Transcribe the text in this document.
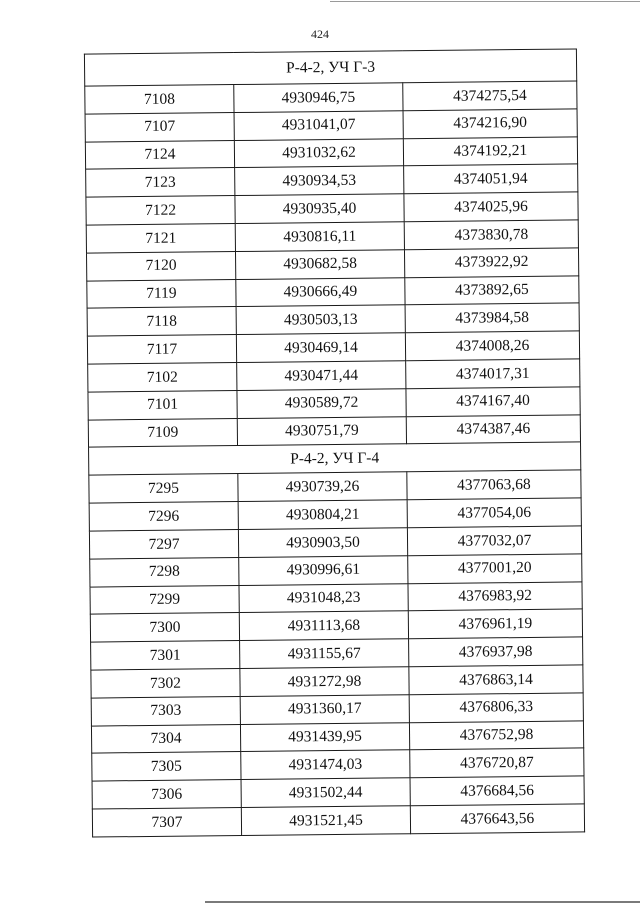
424
Р-4-2, УЧ Г-3		
7108	4930946,75	4374275,54
7107	4931041,07	4374216,90
7124	4931032,62	4374192,21
7123	4930934,53	4374051,94
7122	4930935,40	4374025,96
7121	4930816,11	4373830,78
7120	4930682,58	4373922,92
7119	4930666,49	4373892,65
7118	4930503,13	4373984,58
7117	4930469,14	4374008,26
7102	4930471,44	4374017,31
7101	4930589,72	4374167,40
7109	4930751,79	4374387,46
Р-4-2, УЧ Г-4		
7295	4930739,26	4377063,68
7296	4930804,21	4377054,06
7297	4930903,50	4377032,07
7298	4930996,61	4377001,20
7299	4931048,23	4376983,92
7300	4931113,68	4376961,19
7301	4931155,67	4376937,98
7302	4931272,98	4376863,14
7303	4931360,17	4376806,33
7304	4931439,95	4376752,98
7305	4931474,03	4376720,87
7306	4931502,44	4376684,56
7307	4931521,45	4376643,56
